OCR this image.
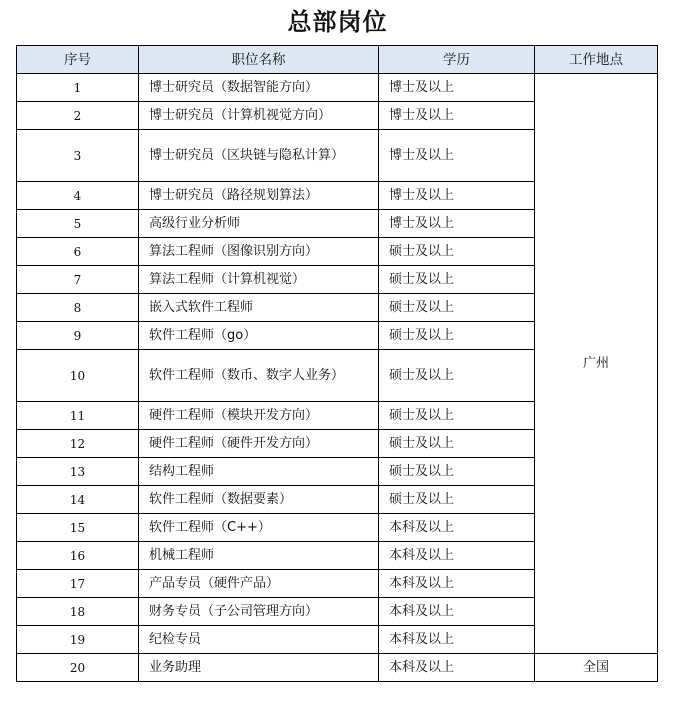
总部岗位
序号	职位名称	学历	工作地点
1	博士研究员（数据智能方向）	博士及以上	广州
2	博士研究员（计算机视觉方向）	博士及以上	
3	博士研究员（区块链与隐私计算）	博士及以上	
4	博士研究员（路径规划算法）	博士及以上	
5	高级行业分析师	博士及以上	
6	算法工程师（图像识别方向）	硕士及以上	
7	算法工程师（计算机视觉）	硕士及以上	
8	嵌入式软件工程师	硕士及以上	
9	软件工程师（go）	硕士及以上	
10	软件工程师（数币、数字人业务）	硕士及以上	
11	硬件工程师（模块开发方向）	硕士及以上	
12	硬件工程师（硬件开发方向）	硕士及以上	
13	结构工程师	硕士及以上	
14	软件工程师（数据要素）	硕士及以上	
15	软件工程师（C++）	本科及以上	
16	机械工程师	本科及以上	
17	产品专员（硬件产品）	本科及以上	
18	财务专员（子公司管理方向）	本科及以上	
19	纪检专员	本科及以上	
20	业务助理	本科及以上	全国
